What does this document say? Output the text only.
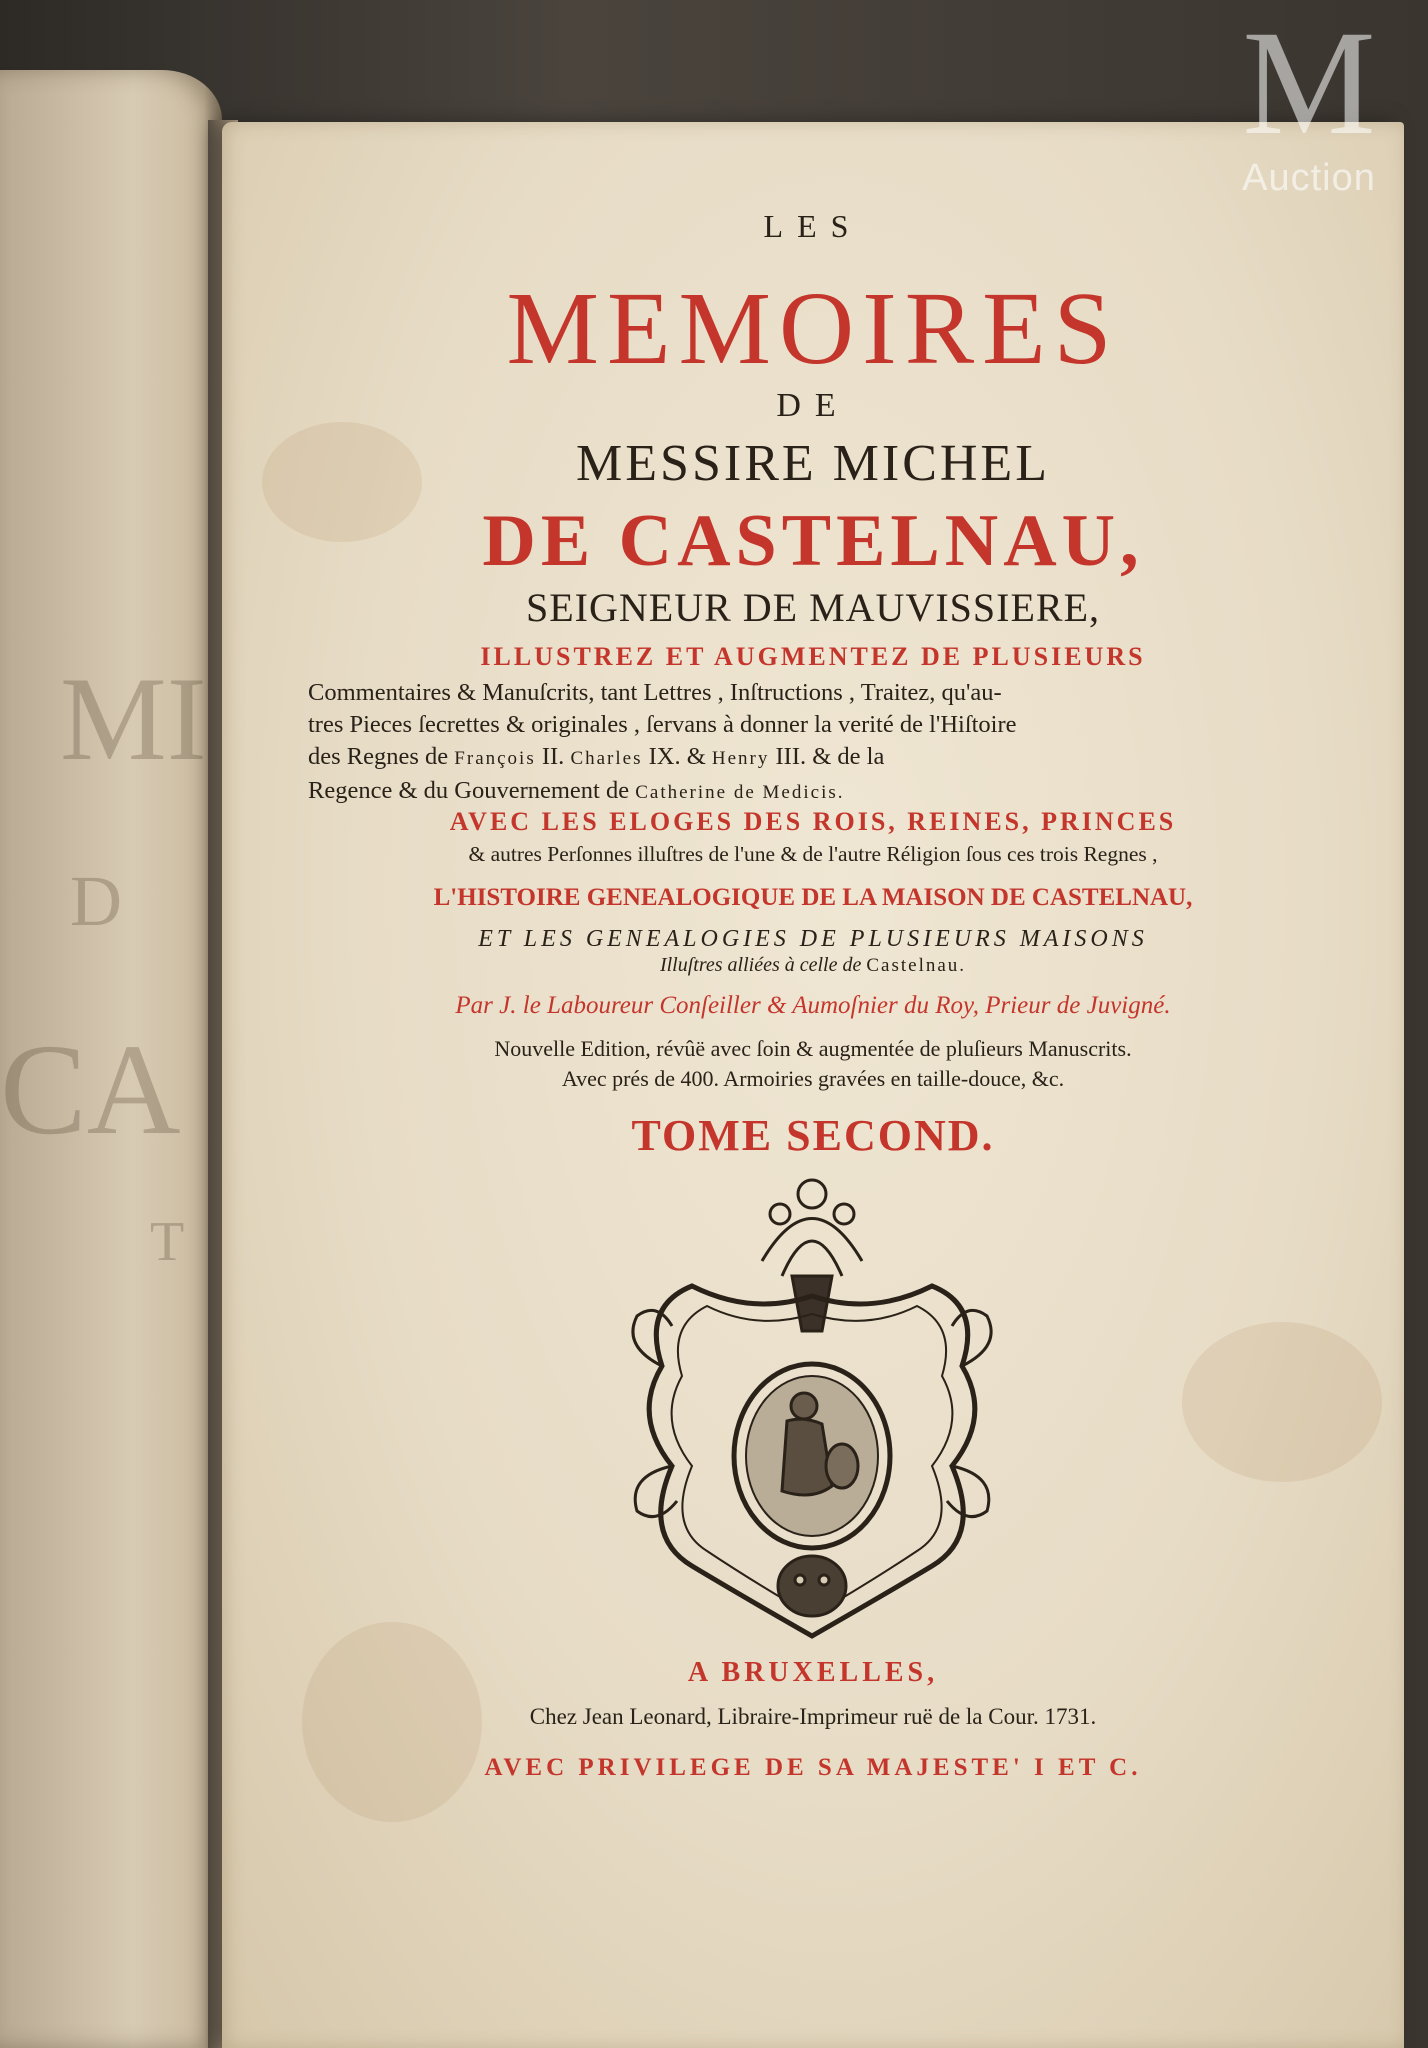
MI

D

CA

T

LES

MEMOIRES

DE

MESSIRE MICHEL

DE CASTELNAU,

SEIGNEUR DE MAUVISSIERE,

ILLUSTREZ ET AUGMENTEZ DE PLUSIEURS

Commentaires & Manuſcrits, tant Lettres , Inſtructions , Traitez, qu'au-

tres Pieces ſecrettes & originales , ſervans à donner la verité de l'Hiſtoire

des Regnes de François II. Charles IX. & Henry III. & de la

Regence & du Gouvernement de Catherine de Medicis.

AVEC LES ELOGES DES ROIS, REINES, PRINCES

& autres Perſonnes illuſtres de l'une & de l'autre Réligion ſous ces trois Regnes ,

L'HISTOIRE GENEALOGIQUE DE LA MAISON DE CASTELNAU,

ET LES GENEALOGIES DE PLUSIEURS MAISONS

Illuſtres alliées à celle de Castelnau.

Par J. le Laboureur Conſeiller & Aumoſnier du Roy, Prieur de Juvigné.

Nouvelle Edition, révûë avec ſoin & augmentée de pluſieurs Manuscrits.

Avec prés de 400. Armoiries gravées en taille-douce, &c.

TOME SECOND.

A BRUXELLES,

Chez Jean Leonard, Libraire-Imprimeur ruë de la Cour. 1731.

AVEC PRIVILEGE DE SA MAJESTE' I ET C.

M
Auction
